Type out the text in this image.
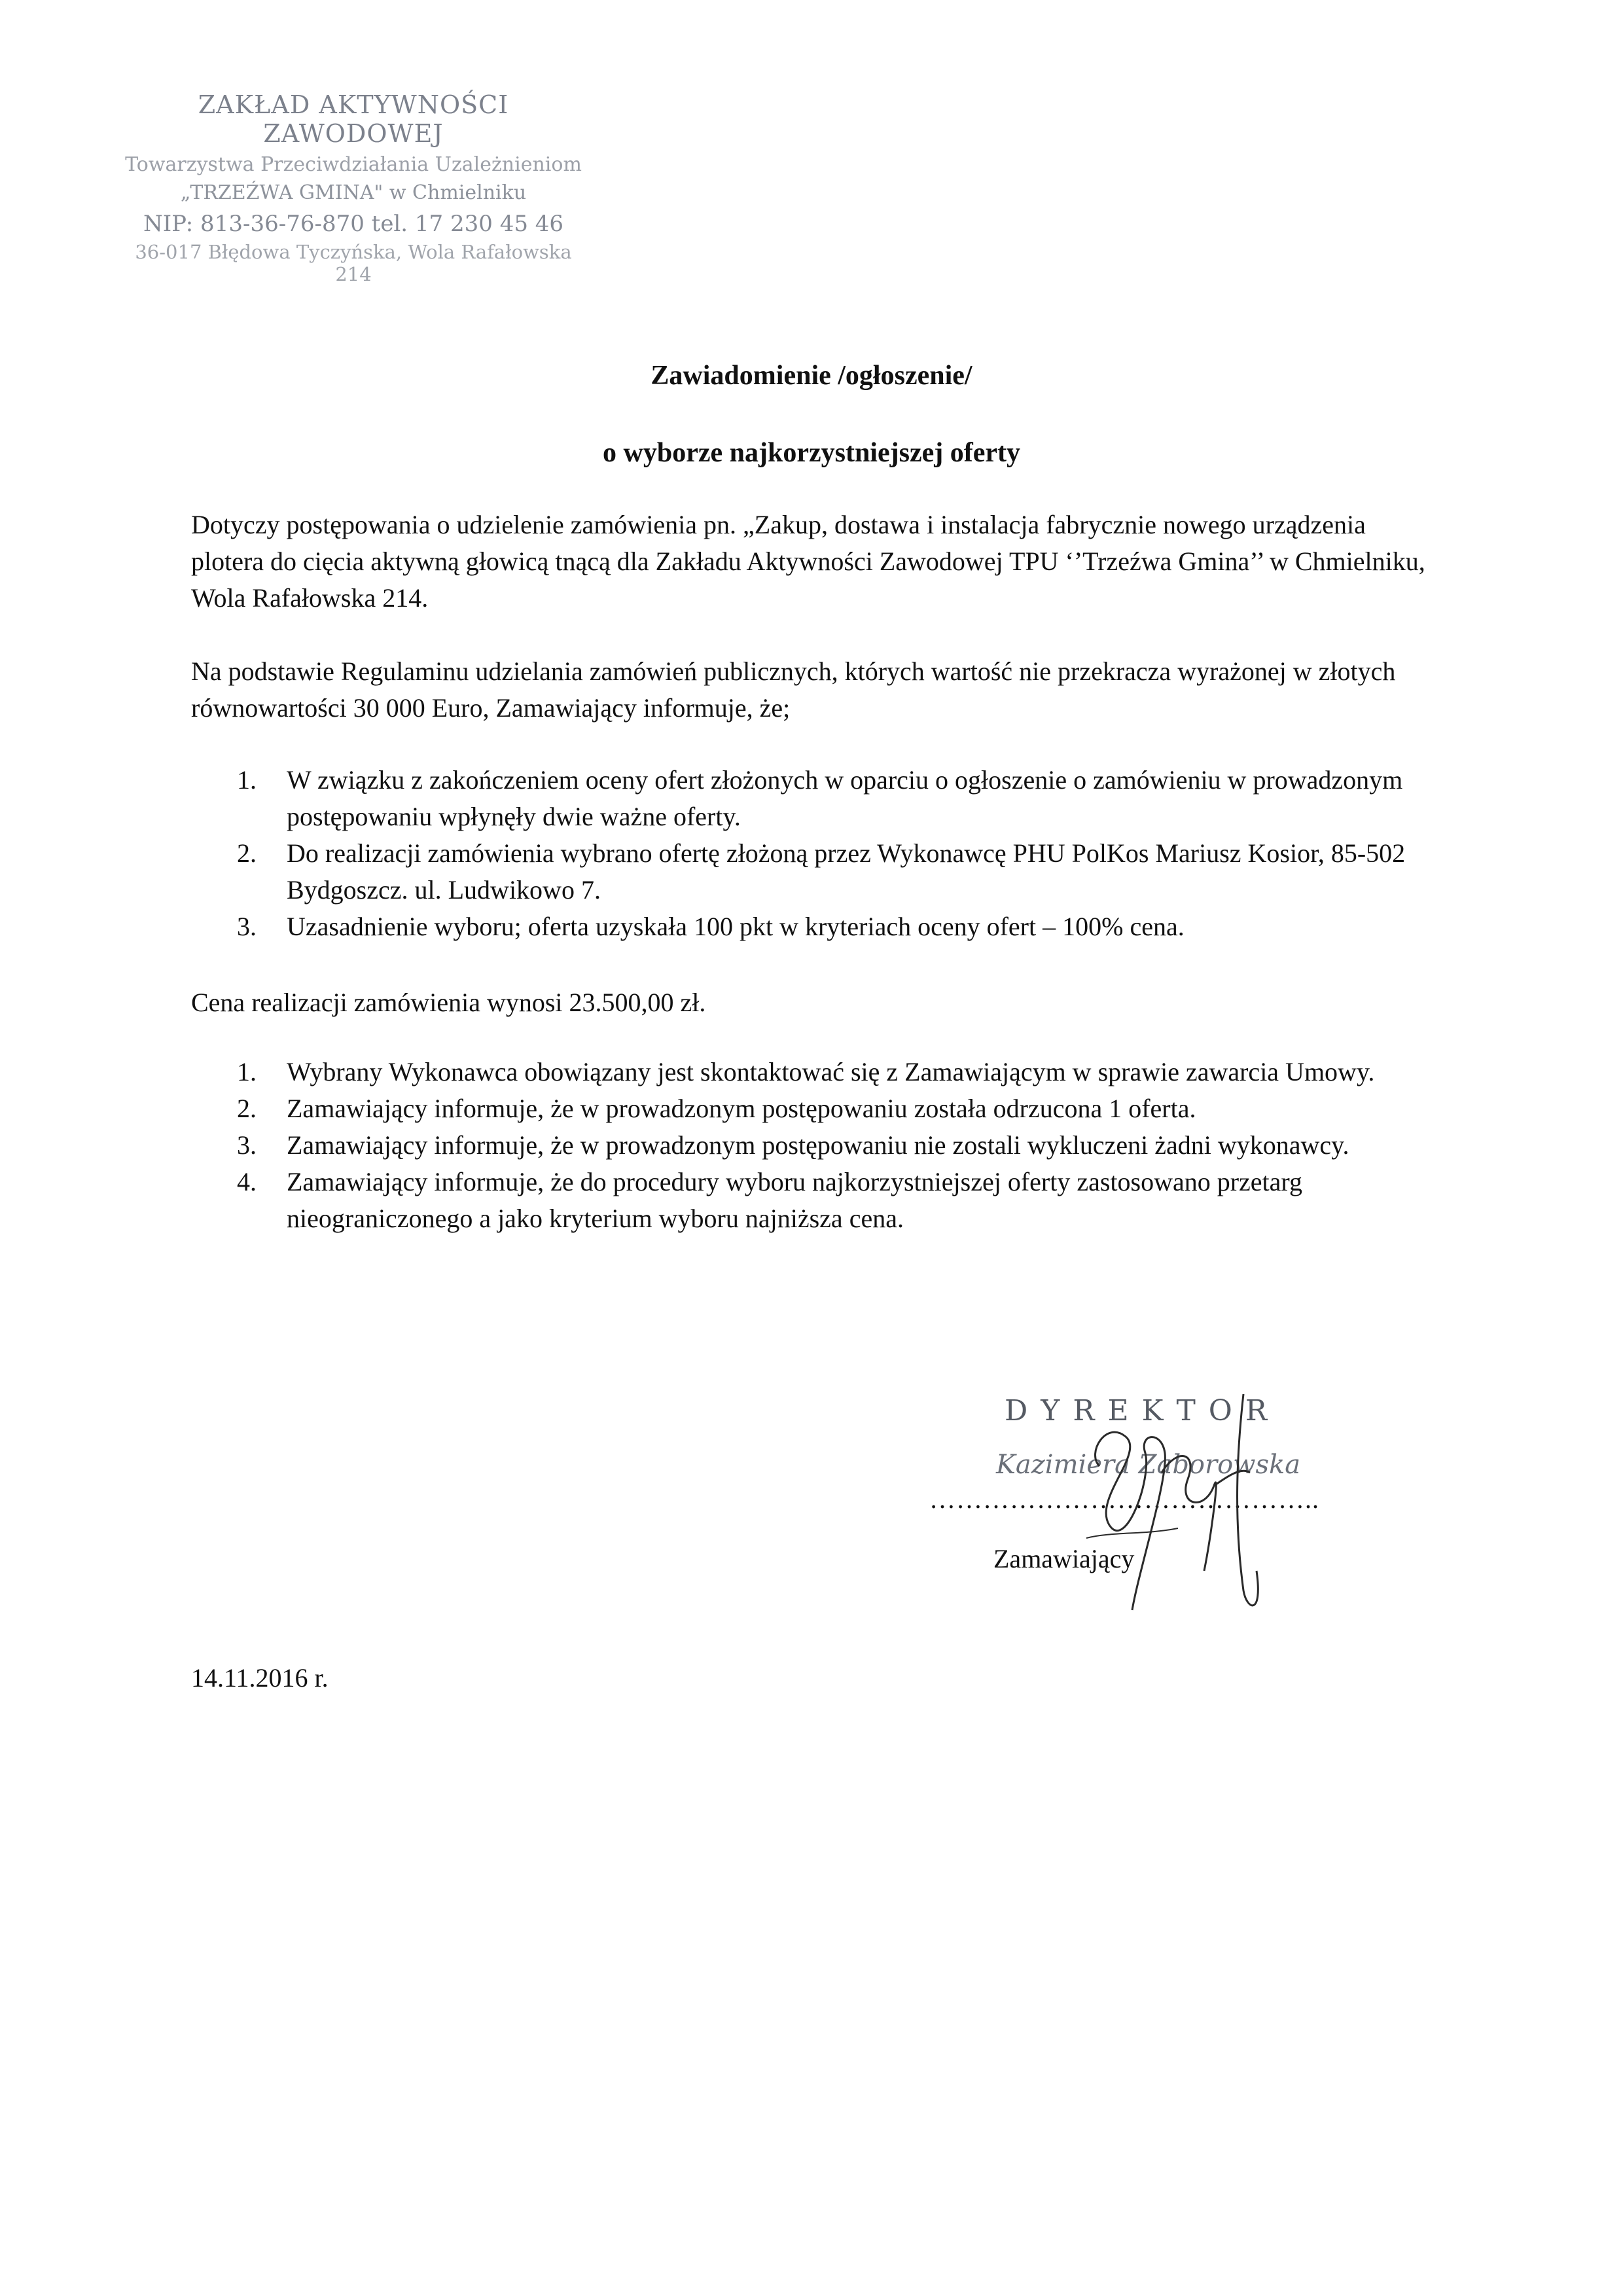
ZAKŁAD AKTYWNOŚCI ZAWODOWEJ
Towarzystwa Przeciwdziałania Uzależnieniom
„TRZEŹWA GMINA" w Chmielniku
NIP: 813-36-76-870 tel. 17 230 45 46
36-017 Błędowa Tyczyńska, Wola Rafałowska 214
Zawiadomienie /ogłoszenie/
o wyborze najkorzystniejszej oferty
Dotyczy postępowania o udzielenie zamówienia pn. „Zakup, dostawa i instalacja fabrycznie nowego urządzenia plotera do cięcia aktywną głowicą tnącą dla Zakładu Aktywności Zawodowej TPU ‘’Trzeźwa Gmina’’ w Chmielniku, Wola Rafałowska 214.
Na podstawie Regulaminu udzielania zamówień publicznych, których wartość nie przekracza wyrażonej w złotych równowartości 30 000 Euro, Zamawiający informuje, że;
1.	W związku z zakończeniem oceny ofert złożonych w oparciu o ogłoszenie o zamówieniu w prowadzonym postępowaniu wpłynęły dwie ważne oferty.
2.	Do realizacji zamówienia wybrano ofertę złożoną przez Wykonawcę PHU PolKos Mariusz Kosior, 85-502 Bydgoszcz. ul. Ludwikowo 7.
3.	Uzasadnienie wyboru; oferta uzyskała 100 pkt w kryteriach oceny ofert – 100% cena.
Cena realizacji zamówienia wynosi 23.500,00 zł.
1.	Wybrany Wykonawca obowiązany jest skontaktować się z Zamawiającym w sprawie zawarcia Umowy.
2.	Zamawiający informuje, że w prowadzonym postępowaniu została odrzucona 1 oferta.
3.	Zamawiający informuje, że w prowadzonym postępowaniu nie zostali wykluczeni żadni wykonawcy.
4.	Zamawiający informuje, że do procedury wyboru najkorzystniejszej oferty zastosowano przetarg nieograniczonego a jako kryterium wyboru najniższa cena.
DYREKTOR
Kazimiera Zaborowska
……………………………………..
Zamawiający
14.11.2016 r.
